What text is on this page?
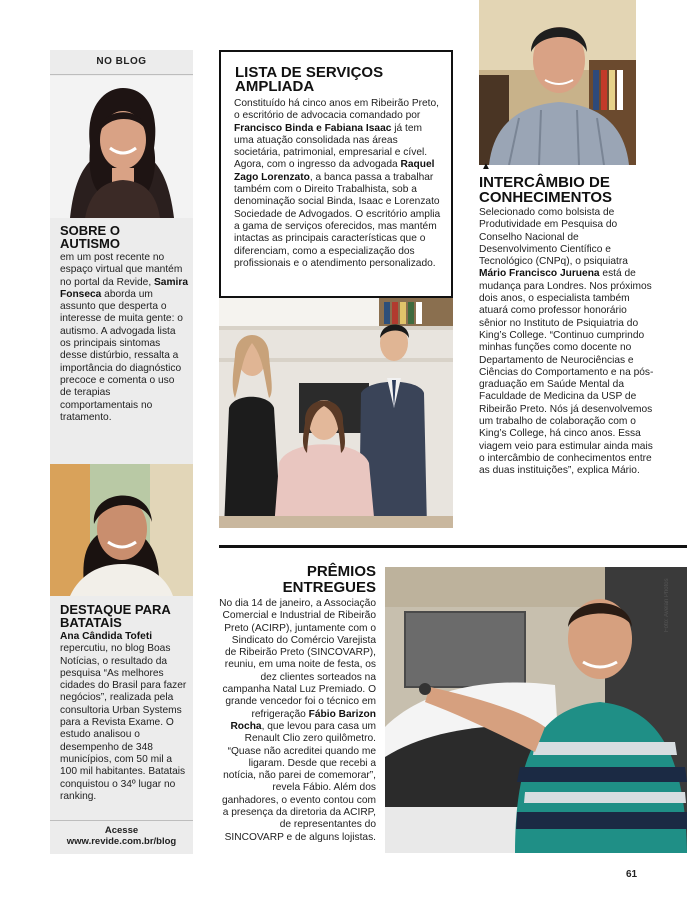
NO BLOG
SOBRE O AUTISMO
em um post recente no espaço virtual que mantém no portal da Revide, Samira Fonseca aborda um assunto que desperta o interesse de muita gente: o autismo. A advogada lista os principais sintomas desse distúrbio, ressalta a importância do diagnóstico precoce e comenta o uso de terapias comportamentais no tratamento.
DESTAQUE PARA BATATAIS
Ana Cândida Tofeti repercutiu, no blog Boas Notícias, o resultado da pesquisa “As melhores cidades do Brasil para fazer negócios”, realizada pela consultoria Urban Systems para a Revista Exame. O estudo analisou o desempenho de 348 municípios, com 50 mil a 100 mil habitantes. Batatais conquistou o 34º lugar no ranking.
Acesse
www.revide.com.br/blog
LISTA DE SERVIÇOS AMPLIADA
Constituído há cinco anos em Ribeirão Preto, o escritório de advocacia comandado por Francisco Binda e Fabiana Isaac já tem uma atuação consolidada nas áreas societária, patrimonial, empresarial e cível. Agora, com o ingresso da advogada Raquel Zago Lorenzato, a banca passa a trabalhar também com o Direito Trabalhista, sob a denominação social Binda, Isaac e Lorenzato Sociedade de Advogados. O escritório amplia a gama de serviços oferecidos, mas mantém intactas as principais características que o diferenciam, como a especialização dos profissionais e o atendimento personalizado.
▲
INTERCÂMBIO DE CONHECIMENTOS
Selecionado como bolsista de Produtividade em Pesquisa do Conselho Nacional de Desenvolvimento Científico e Tecnológico (CNPq), o psiquiatra Mário Francisco Juruena está de mudança para Londres. Nos próximos dois anos, o especialista também atuará como professor honorário sênior no Instituto de Psiquiatria do King’s College. “Continuo cumprindo minhas funções como docente no Departamento de Neurociências e Ciências do Comportamento e na pós-graduação em Saúde Mental da Faculdade de Medicina da USP de Ribeirão Preto. Nós já desenvolvemos um trabalho de colaboração com o King’s College, há cinco anos. Essa viagem veio para estimular ainda mais o intercâmbio de conhecimentos entre as duas instituições”, explica Mário.
PRÊMIOS ENTREGUES
No dia 14 de janeiro, a Associação Comercial e Industrial de Ribeirão Preto (ACIRP), juntamente com o Sindicato do Comércio Varejista de Ribeirão Preto (SINCOVARP), reuniu, em uma noite de festa, os dez clientes sorteados na campanha Natal Luz Premiado. O grande vencedor foi o técnico em refrigeração Fábio Barizon Rocha, que levou para casa um Renault Clio zero quilômetro. “Quase não acreditei quando me ligaram. Desde que recebi a notícia, não parei de comemorar”, revela Fábio. Além dos ganhadores, o evento contou com a presença da diretoria da ACIRP, de representantes do SINCOVARP e de alguns lojistas.
Foto: Avelan Photos
61
